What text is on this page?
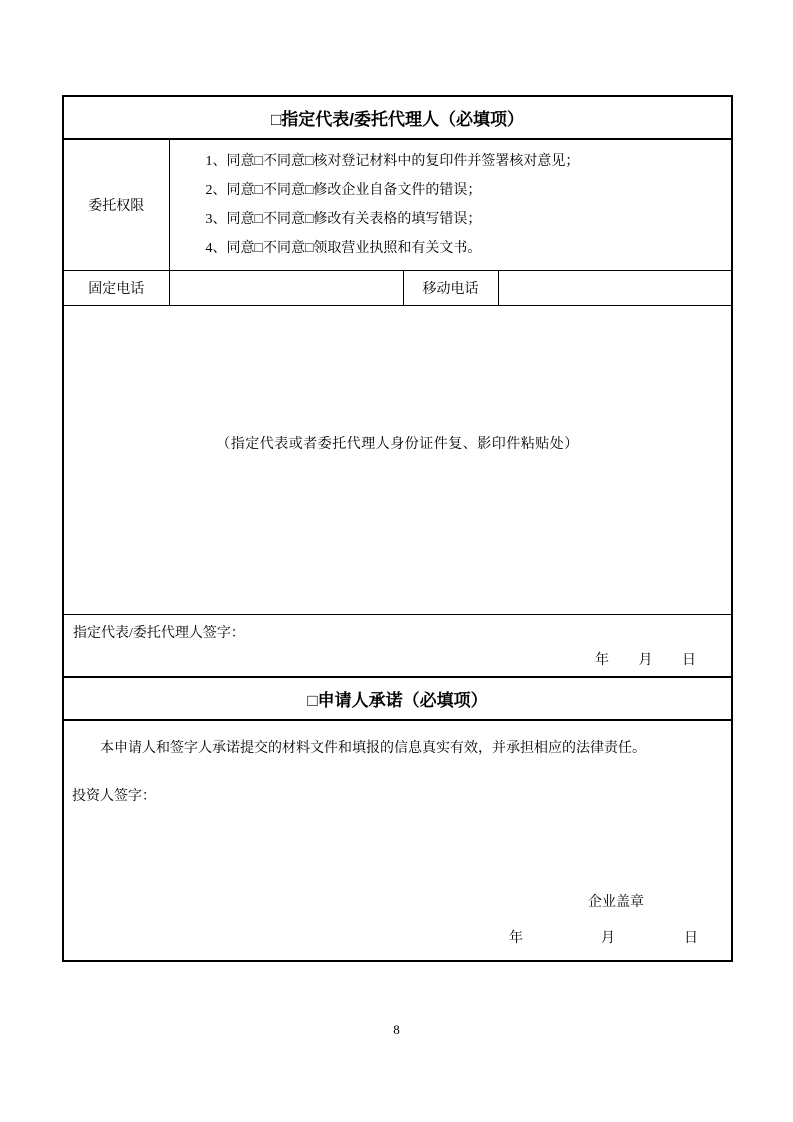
□指定代表/委托代理人（必填项）			
委托权限	1、同意□不同意□核对登记材料中的复印件并签署核对意见；
2、同意□不同意□修改企业自备文件的错误；
3、同意□不同意□修改有关表格的填写错误；
4、同意□不同意□领取营业执照和有关文书。		

固定电话		移动电话	
（指定代表或者委托代理人身份证件复、影印件粘贴处）			

指定代表/委托代理人签字：
年 月 日			

□申请人承诺（必填项）			

本申请人和签字人承诺提交的材料文件和填报的信息真实有效，并承担相应的法律责任。

投资人签字：
企业盖章
年	月	日
8
